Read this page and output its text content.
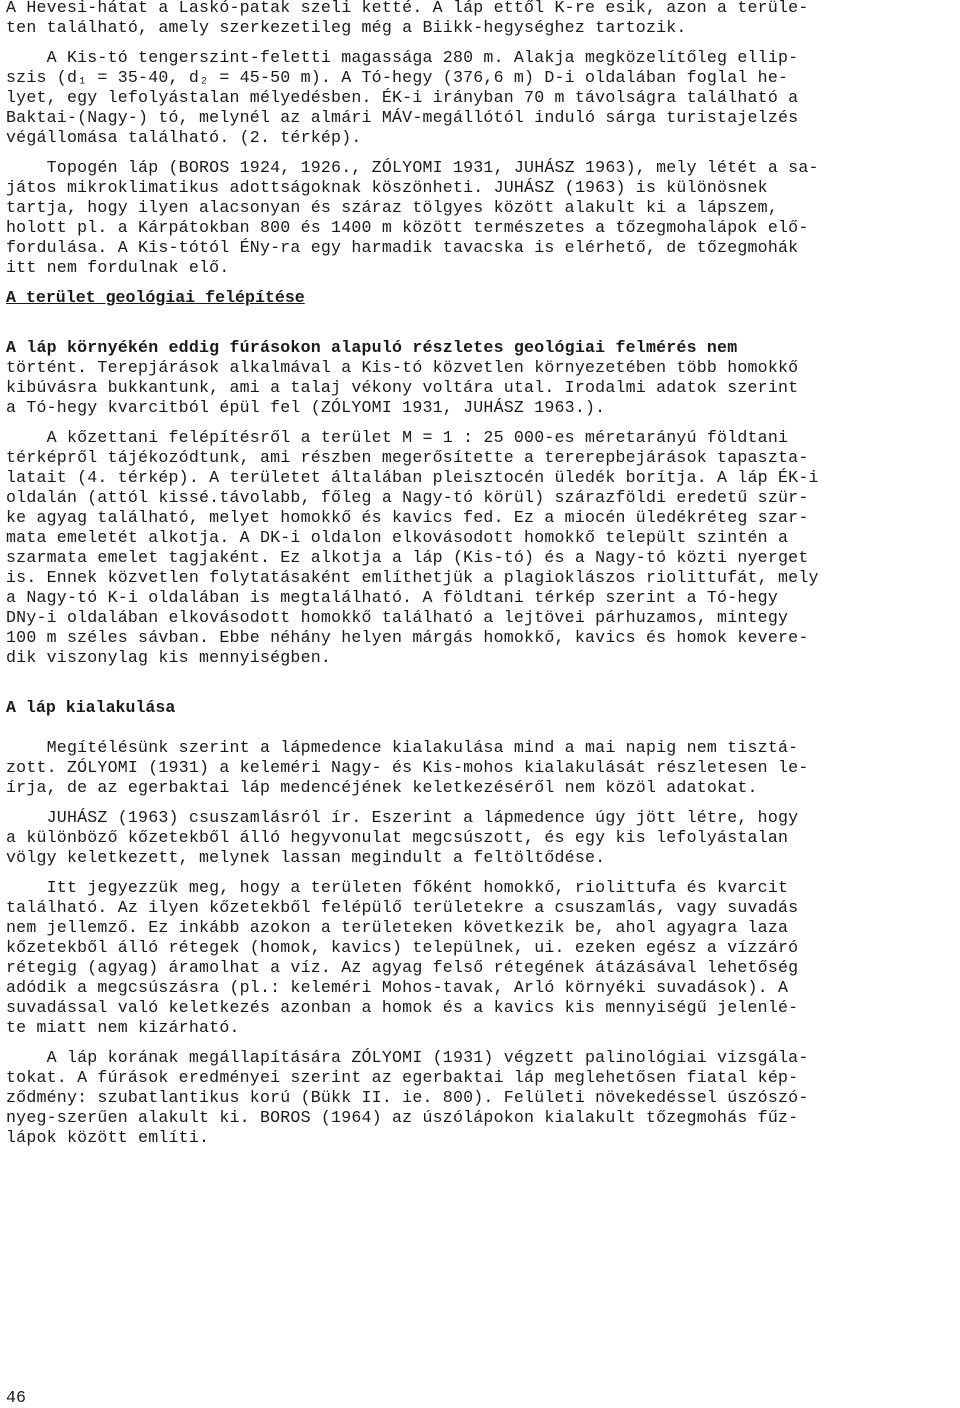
A Hevesi-hátat a Laskó-patak szeli ketté. A láp ettől K-re esik, azon a terüle-
ten található, amely szerkezetileg még a Biikk-hegységhez tartozik.
A Kis-tó tengerszint-feletti magassága 280 m. Alakja megközelítőleg ellip-
szis (d₁ = 35-40, d₂ = 45-50 m). A Tó-hegy (376,6 m) D-i oldalában foglal he-
lyet, egy lefolyástalan mélyedésben. ÉK-i irányban 70 m távolságra található a
Baktai-(Nagy-) tó, melynél az almári MÁV-megállótól induló sárga turistajelzés
végállomása található. (2. térkép).
Topogén láp (BOROS 1924, 1926., ZÓLYOMI 1931, JUHÁSZ 1963), mely létét a sa-
játos mikroklimatikus adottságoknak köszönheti. JUHÁSZ (1963) is különösnek
tartja, hogy ilyen alacsonyan és száraz tölgyes között alakult ki a lápszem,
holott pl. a Kárpátokban 800 és 1400 m között természetes a tőzegmohalápok elő-
fordulása. A Kis-tótól ÉNy-ra egy harmadik tavacska is elérhető, de tőzegmohák
itt nem fordulnak elő.
A terület geológiai felépítése
A láp környékén eddig fúrásokon alapuló részletes geológiai felmérés nem
történt. Terepjárások alkalmával a Kis-tó közvetlen környezetében több homokkő
kibúvásra bukkantunk, ami a talaj vékony voltára utal. Irodalmi adatok szerint
a Tó-hegy kvarcitból épül fel (ZÓLYOMI 1931, JUHÁSZ 1963.).
A kőzettani felépítésről a terület M = 1 : 25 000-es méretarányú földtani
térképről tájékozódtunk, ami részben megerősítette a tererepbejárások tapaszta-
latait (4. térkép). A területet általában pleisztocén üledék borítja. A láp ÉK-i
oldalán (attól kissé.távolabb, főleg a Nagy-tó körül) szárazföldi eredetű szür-
ke agyag található, melyet homokkő és kavics fed. Ez a miocén üledékréteg szar-
mata emeletét alkotja. A DK-i oldalon elkovásodott homokkő települt szintén a
szarmata emelet tagjaként. Ez alkotja a láp (Kis-tó) és a Nagy-tó közti nyerget
is. Ennek közvetlen folytatásaként említhetjük a plagioklászos riolittufát, mely
a Nagy-tó K-i oldalában is megtalálható. A földtani térkép szerint a Tó-hegy
DNy-i oldalában elkovásodott homokkő található a lejtövei párhuzamos, mintegy
100 m széles sávban. Ebbe néhány helyen márgás homokkő, kavics és homok kevere-
dik viszonylag kis mennyiségben.
A láp kialakulása
Megítélésünk szerint a lápmedence kialakulása mind a mai napig nem tisztá-
zott. ZÓLYOMI (1931) a keleméri Nagy- és Kis-mohos kialakulását részletesen le-
írja, de az egerbaktai láp medencéjének keletkezéséről nem közöl adatokat.
JUHÁSZ (1963) csuszamlásról ír. Eszerint a lápmedence úgy jött létre, hogy
a különböző kőzetekből álló hegyvonulat megcsúszott, és egy kis lefolyástalan
völgy keletkezett, melynek lassan megindult a feltöltődése.
Itt jegyezzük meg, hogy a területen főként homokkő, riolittufa és kvarcit
található. Az ilyen kőzetekből felépülő területekre a csuszamlás, vagy suvadás
nem jellemző. Ez inkább azokon a területeken következik be, ahol agyagra laza
kőzetekből álló rétegek (homok, kavics) települnek, ui. ezeken egész a vízzáró
rétegig (agyag) áramolhat a víz. Az agyag felső rétegének átázásával lehetőség
adódik a megcsúszásra (pl.: keleméri Mohos-tavak, Arló környéki suvadások). A
suvadással való keletkezés azonban a homok és a kavics kis mennyiségű jelenlé-
te miatt nem kizárható.
A láp korának megállapítására ZÓLYOMI (1931) végzett palinológiai vizsgála-
tokat. A fúrások eredményei szerint az egerbaktai láp meglehetősen fiatal kép-
ződmény: szubatlantikus korú (Bükk II. ie. 800). Felületi növekedéssel úszószó-
nyeg-szerűen alakult ki. BOROS (1964) az úszólápokon kialakult tőzegmohás fűz-
lápok között említi.
46
